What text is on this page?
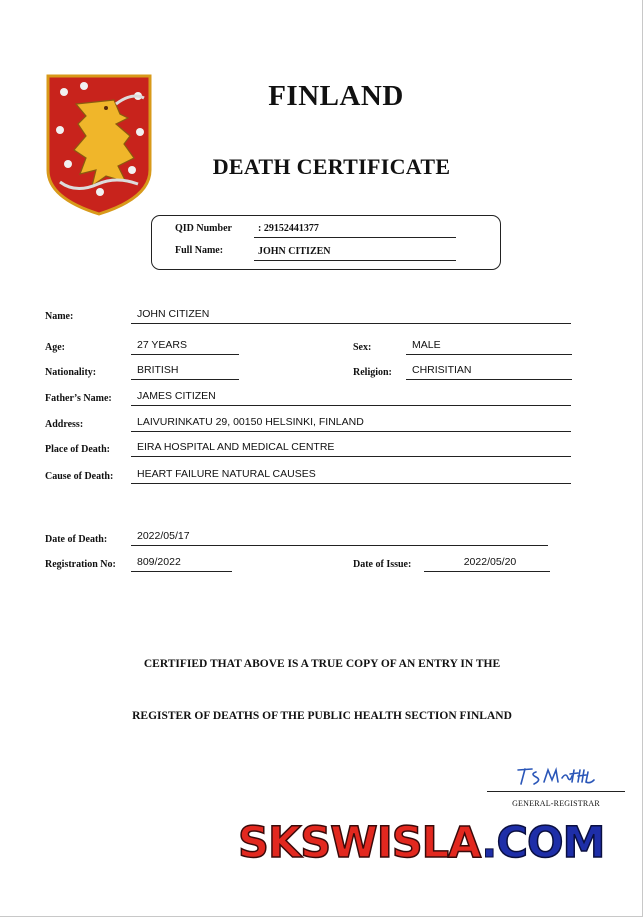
FINLAND
DEATH CERTIFICATE
QID Number	: 29152441377
Full Name:	JOHN CITIZEN
Name:	JOHN CITIZEN
Age:	27 YEARS	Sex:	MALE
Nationality:	BRITISH	Religion:	CHRISITIAN
Father’s Name:	JAMES CITIZEN
Address:	LAIVURINKATU 29, 00150 HELSINKI, FINLAND
Place of Death:	EIRA HOSPITAL AND MEDICAL CENTRE
Cause of Death:	HEART FAILURE NATURAL CAUSES
Date of Death:	2022/05/17
Registration No:	809/2022	Date of Issue:	2022/05/20
CERTIFIED THAT ABOVE IS A TRUE COPY OF AN ENTRY IN THE
REGISTER OF DEATHS OF THE PUBLIC HEALTH SECTION FINLAND
GENERAL-REGISTRAR
SKSWISLA.COM
